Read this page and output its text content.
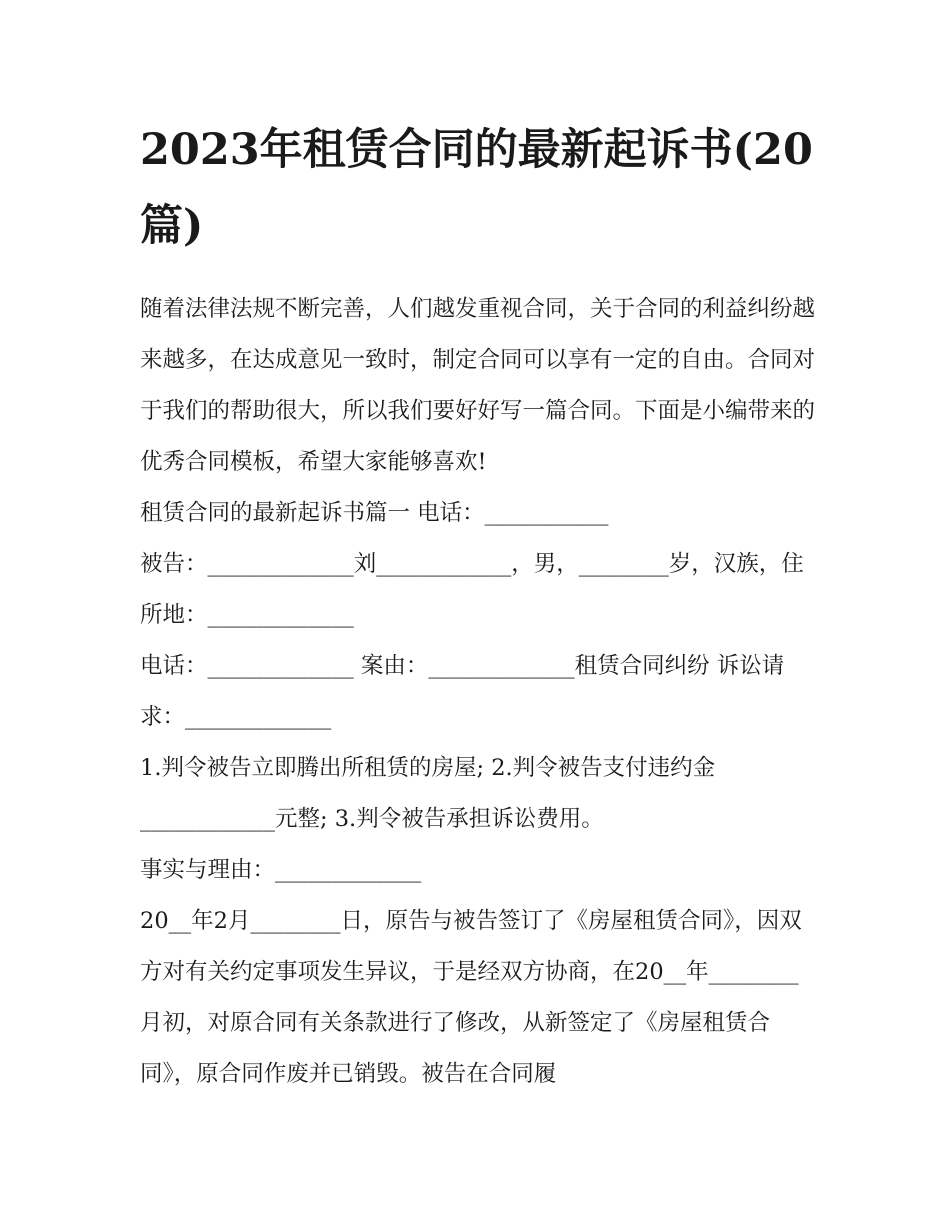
2023年租赁合同的最新起诉书(20篇)

随着法律法规不断完善，人们越发重视合同，关于合同的利益纠纷越来越多，在达成意见一致时，制定合同可以享有一定的自由。合同对于我们的帮助很大，所以我们要好好写一篇合同。下面是小编带来的优秀合同模板，希望大家能够喜欢!

租赁合同的最新起诉书篇一 电话：___________

被告：_____________刘____________，男，________岁，汉族，住所地：_____________

电话：_____________ 案由：_____________租赁合同纠纷 诉讼请求：_____________

1.判令被告立即腾出所租赁的房屋; 2.判令被告支付违约金____________元整; 3.判令被告承担诉讼费用。

事实与理由：_____________

20__年2月________日，原告与被告签订了《房屋租赁合同》，因双方对有关约定事项发生异议，于是经双方协商，在20__年________月初，对原合同有关条款进行了修改，从新签定了《房屋租赁合同》，原合同作废并已销毁。被告在合同履
